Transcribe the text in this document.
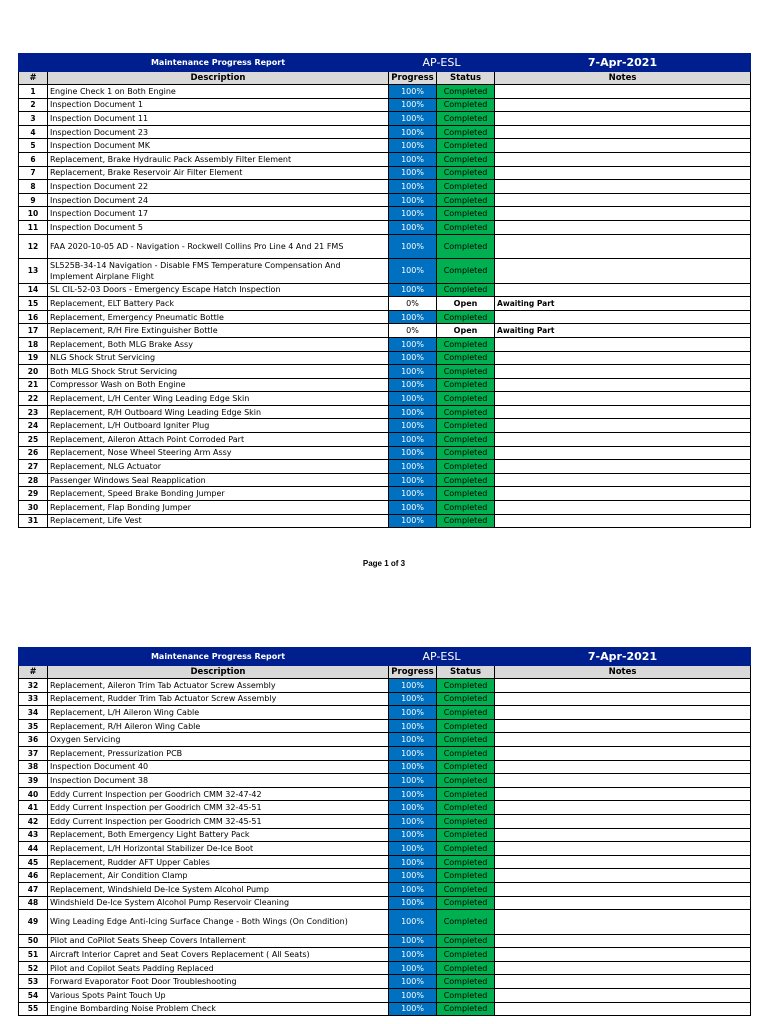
	Maintenance Progress Report	AP-ESL		7-Apr-2021
#	Description	Progress	Status	Notes
1	Engine Check 1 on Both Engine	100%	Completed	
2	Inspection Document 1	100%	Completed	
3	Inspection Document 11	100%	Completed	
4	Inspection Document 23	100%	Completed	
5	Inspection Document MK	100%	Completed	
6	Replacement, Brake Hydraulic Pack Assembly Filter Element	100%	Completed	
7	Replacement, Brake Reservoir Air Filter Element	100%	Completed	
8	Inspection Document 22	100%	Completed	
9	Inspection Document 24	100%	Completed	
10	Inspection Document 17	100%	Completed	
11	Inspection Document 5	100%	Completed	
12	FAA 2020-10-05 AD - Navigation - Rockwell Collins Pro Line 4 And 21 FMS	100%	Completed	
13	SL525B-34-14 Navigation - Disable FMS Temperature Compensation And Implement Airplane Flight	100%	Completed	
14	SL CIL-52-03 Doors - Emergency Escape Hatch Inspection	100%	Completed	
15	Replacement, ELT Battery Pack	0%	Open	Awaiting Part
16	Replacement, Emergency Pneumatic Bottle	100%	Completed	
17	Replacement, R/H Fire Extinguisher Bottle	0%	Open	Awaiting Part
18	Replacement, Both MLG Brake Assy	100%	Completed	
19	NLG Shock Strut Servicing	100%	Completed	
20	Both MLG Shock Strut Servicing	100%	Completed	
21	Compressor Wash on Both Engine	100%	Completed	
22	Replacement, L/H Center Wing Leading Edge Skin	100%	Completed	
23	Replacement, R/H Outboard Wing Leading Edge Skin	100%	Completed	
24	Replacement, L/H Outboard Igniter Plug	100%	Completed	
25	Replacement, Aileron Attach Point Corroded Part	100%	Completed	
26	Replacement, Nose Wheel Steering Arm Assy	100%	Completed	
27	Replacement, NLG Actuator	100%	Completed	
28	Passenger Windows Seal Reapplication	100%	Completed	
29	Replacement, Speed Brake Bonding Jumper	100%	Completed	
30	Replacement, Flap Bonding Jumper	100%	Completed	
31	Replacement, Life Vest	100%	Completed	
Page 1 of 3
	Maintenance Progress Report	AP-ESL		7-Apr-2021
#	Description	Progress	Status	Notes
32	Replacement, Aileron Trim Tab Actuator Screw Assembly	100%	Completed	
33	Replacement, Rudder Trim Tab Actuator Screw Assembly	100%	Completed	
34	Replacement, L/H Aileron Wing Cable	100%	Completed	
35	Replacement, R/H Aileron Wing Cable	100%	Completed	
36	Oxygen Servicing	100%	Completed	
37	Replacement, Pressurization PCB	100%	Completed	
38	Inspection Document 40	100%	Completed	
39	Inspection Document 38	100%	Completed	
40	Eddy Current Inspection per Goodrich CMM 32-47-42	100%	Completed	
41	Eddy Current Inspection per Goodrich CMM 32-45-51	100%	Completed	
42	Eddy Current Inspection per Goodrich CMM 32-45-51	100%	Completed	
43	Replacement, Both Emergency Light Battery Pack	100%	Completed	
44	Replacement, L/H Horizontal Stabilizer De-Ice Boot	100%	Completed	
45	Replacement, Rudder AFT Upper Cables	100%	Completed	
46	Replacement, Air Condition Clamp	100%	Completed	
47	Replacement, Windshield De-Ice System Alcohol Pump	100%	Completed	
48	Windshield De-Ice System Alcohol Pump Reservoir Cleaning	100%	Completed	
49	Wing Leading Edge Anti-Icing Surface Change - Both Wings (On Condition)	100%	Completed	
50	Pilot and CoPilot Seats Sheep Covers Intallement	100%	Completed	
51	Aircraft Interior Capret and Seat Covers Replacement ( All Seats)	100%	Completed	
52	Pilot and Copilot Seats Padding Replaced	100%	Completed	
53	Forward Evaporator Foot Door Troubleshooting	100%	Completed	
54	Various Spots Paint Touch Up	100%	Completed	
55	Engine Bombarding Noise Problem Check	100%	Completed	
